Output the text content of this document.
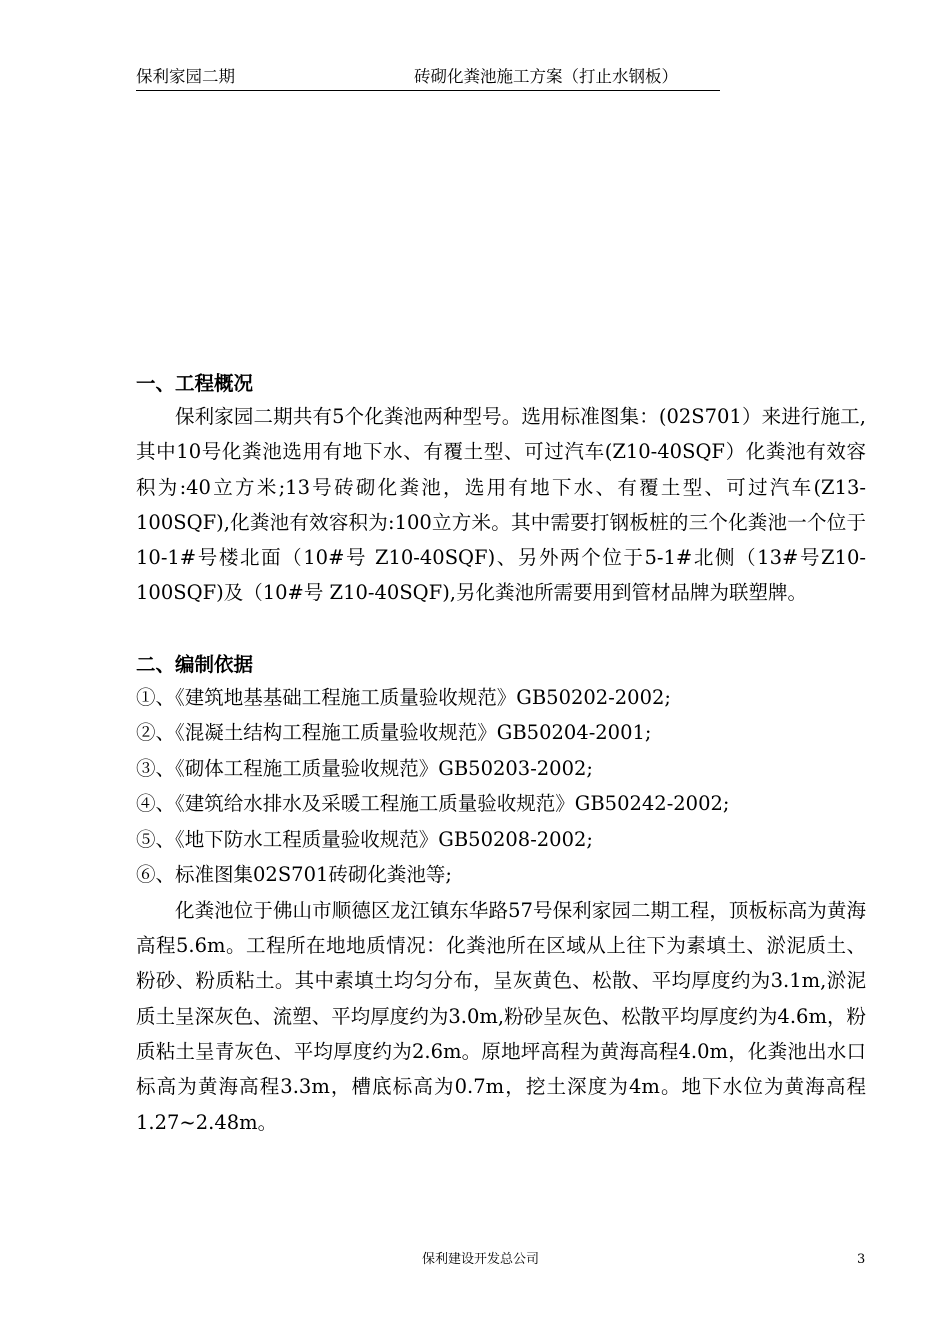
保利家园二期	砖砌化粪池施工方案（打止水钢板）
一、工程概况

保利家园二期共有5个化粪池两种型号。选用标准图集：(02S701）来进行施工, 其中10号化粪池选用有地下水、有覆土型、可过汽车(Z10-40SQF）化粪池有效容积为:40立方米;13号砖砌化粪池，选用有地下水、有覆土型、可过汽车(Z13-100SQF),化粪池有效容积为:100立方米。其中需要打钢板桩的三个化粪池一个位于10-1#号楼北面（10#号 Z10-40SQF)、另外两个位于5-1#北侧（13#号Z10-100SQF)及（10#号 Z10-40SQF),另化粪池所需要用到管材品牌为联塑牌。

二、编制依据

①、《建筑地基基础工程施工质量验收规范》GB50202-2002;

②、《混凝土结构工程施工质量验收规范》GB50204-2001;

③、《砌体工程施工质量验收规范》GB50203-2002;

④、《建筑给水排水及采暖工程施工质量验收规范》GB50242-2002;

⑤、《地下防水工程质量验收规范》GB50208-2002;

⑥、标准图集02S701砖砌化粪池等;

化粪池位于佛山市顺德区龙江镇东华路57号保利家园二期工程，顶板标高为黄海高程5.6m。工程所在地地质情况：化粪池所在区域从上往下为素填土、淤泥质土、粉砂、粉质粘土。其中素填土均匀分布，呈灰黄色、松散、平均厚度约为3.1m,淤泥质土呈深灰色、流塑、平均厚度约为3.0m,粉砂呈灰色、松散平均厚度约为4.6m，粉质粘土呈青灰色、平均厚度约为2.6m。原地坪高程为黄海高程4.0m，化粪池出水口标高为黄海高程3.3m，槽底标高为0.7m，挖土深度为4m。地下水位为黄海高程1.27~2.48m。

保利建设开发总公司	3
